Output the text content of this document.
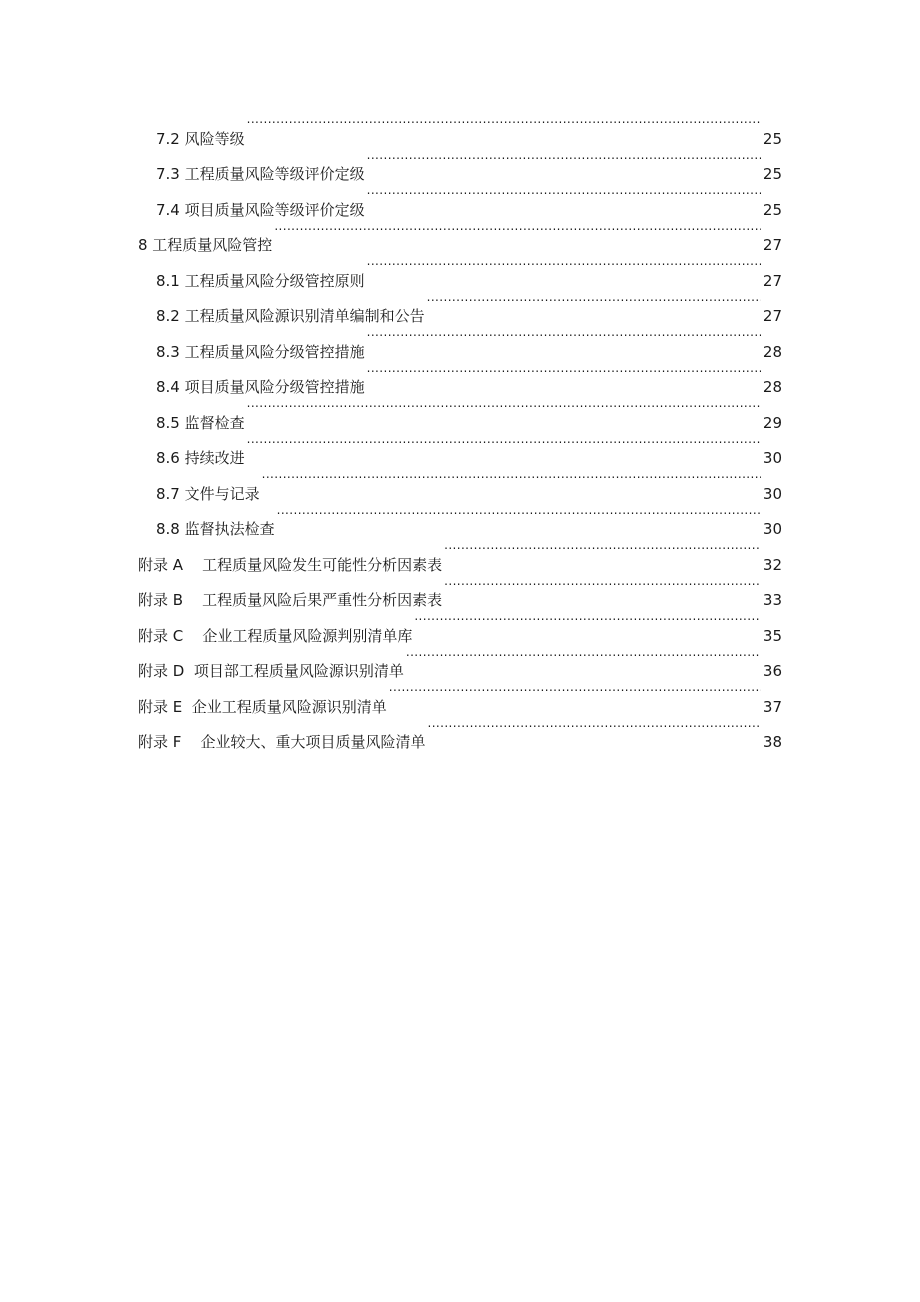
7.2 风险等级 .....	25
7.3 工程质量风险等级评价定级 .....	25
7.4 项目质量风险等级评价定级 .....	25
8 工程质量风险管控 .....	27
8.1 工程质量风险分级管控原则 .....	27
8.2 工程质量风险源识别清单编制和公告 .....	27
8.3 工程质量风险分级管控措施 .....	28
8.4 项目质量风险分级管控措施 .....	28
8.5 监督检查 .....	29
8.6 持续改进 .....	30
8.7 文件与记录 .....	30
8.8 监督执法检查 .....	30
附录 A    工程质量风险发生可能性分析因素表 .....	32
附录 B    工程质量风险后果严重性分析因素表 .....	33
附录 C    企业工程质量风险源判别清单库 .....	35
附录 D  项目部工程质量风险源识别清单 .....	36
附录 E  企业工程质量风险源识别清单 .....	37
附录 F    企业较大、重大项目质量风险清单 .....	38
